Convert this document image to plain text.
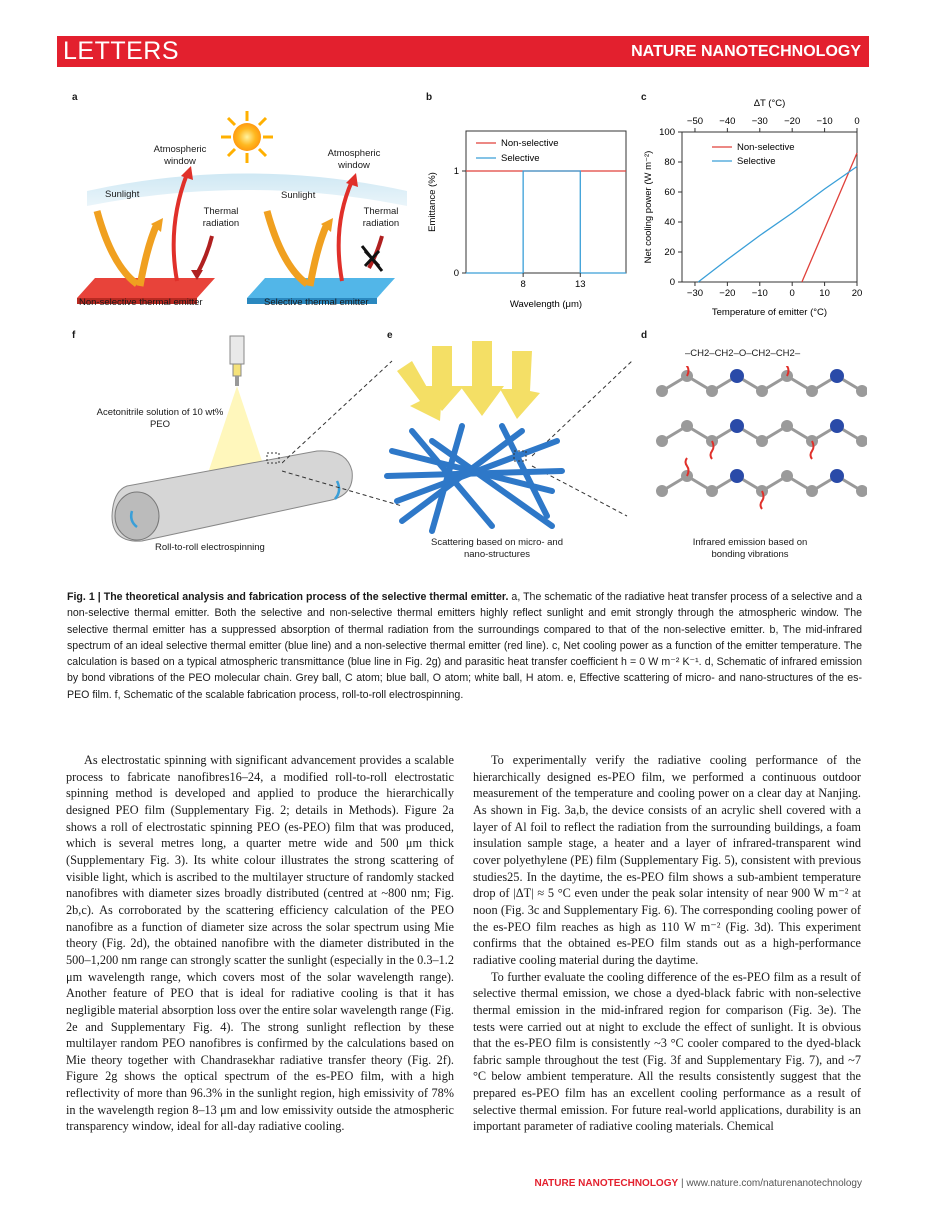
LETTERS	NATURE NANOTECHNOLOGY
a	b	c
f	e	d
Atmospheric window
Atmospheric window
Sunlight	Sunlight
Thermal radiation
Thermal radiation
Non-selective thermal emitter	Selective thermal emitter
8	13
0
1
Wavelength (μm)
Emittance (%)
Non-selective
Selective
−30 −20 −10 0	10 20
−50 −40 −30 −20 −10 0
0
20
40
60
80
100
Temperature of emitter (°C)
ΔT (°C)
Net cooling power (W m⁻²)
Non-selective
Selective
Acetonitrile solution of 10 wt% PEO
Roll-to-roll electrospinning	Scattering based on micro- and nano-structures
–CH2–CH2–O–CH2–CH2–
Infrared emission based on bonding vibrations
Fig. 1 | The theoretical analysis and fabrication process of the selective thermal emitter. a, The schematic of the radiative heat transfer process of a selective and a non-selective thermal emitter. Both the selective and non-selective thermal emitters highly reflect sunlight and emit strongly through the atmospheric window. The selective thermal emitter has a suppressed absorption of thermal radiation from the surroundings compared to that of the non-selective emitter. b, The mid-infrared spectrum of an ideal selective thermal emitter (blue line) and a non-selective thermal emitter (red line). c, Net cooling power as a function of the emitter temperature. The calculation is based on a typical atmospheric transmittance (blue line in Fig. 2g) and parasitic heat transfer coefficient h = 0 W m⁻² K⁻¹. d, Schematic of infrared emission by bond vibrations of the PEO molecular chain. Grey ball, C atom; blue ball, O atom; white ball, H atom. e, Effective scattering of micro- and nano-structures of the es-PEO film. f, Schematic of the scalable fabrication process, roll-to-roll electrospinning.

As electrostatic spinning with significant advancement provides a scalable process to fabricate nanofibres16–24, a modified roll-to-roll electrostatic spinning method is developed and applied to produce the hierarchically designed PEO film (Supplementary Fig. 2; details in Methods). Figure 2a shows a roll of electrostatic spinning PEO (es-PEO) film that was produced, which is several metres long, a quarter metre wide and 500 μm thick (Supplementary Fig. 3). Its white colour illustrates the strong scattering of visible light, which is ascribed to the multilayer structure of randomly stacked nanofibres with diameter sizes broadly distributed (centred at ~800 nm; Fig. 2b,c). As corroborated by the scattering efficiency calculation of the PEO nanofibre as a function of diameter size across the solar spectrum using Mie theory (Fig. 2d), the obtained nanofibre with the diameter distributed in the 500–1,200 nm range can strongly scatter the sunlight (especially in the 0.3–1.2 μm wavelength range, which covers most of the solar wavelength range). Another feature of PEO that is ideal for radiative cooling is that it has negligible material absorption loss over the entire solar wavelength range (Fig. 2e and Supplementary Fig. 4). The strong sunlight reflection by these multilayer random PEO nanofibres is confirmed by the calculations based on Mie theory together with Chandrasekhar radiative transfer theory (Fig. 2f). Figure 2g shows the optical spectrum of the es-PEO film, with a high reflectivity of more than 96.3% in the sunlight region, high emissivity of 78% in the wavelength region 8–13 μm and low emissivity outside the atmospheric transparency window, ideal for all-day radiative cooling.

To experimentally verify the radiative cooling performance of the hierarchically designed es-PEO film, we performed a continuous outdoor measurement of the temperature and cooling power on a clear day at Nanjing. As shown in Fig. 3a,b, the device consists of an acrylic shell covered with a layer of Al foil to reflect the radiation from the surrounding buildings, a foam insulation sample stage, a heater and a layer of infrared-transparent wind cover polyethylene (PE) film (Supplementary Fig. 5), consistent with previous studies25. In the daytime, the es-PEO film shows a sub-ambient temperature drop of |ΔT| ≈ 5 °C even under the peak solar intensity of near 900 W m⁻² at noon (Fig. 3c and Supplementary Fig. 6). The corresponding cooling power of the es-PEO film reaches as high as 110 W m⁻² (Fig. 3d). This experiment confirms that the obtained es-PEO film stands out as a high-performance radiative cooling material during the daytime.

To further evaluate the cooling difference of the es-PEO film as a result of selective thermal emission, we chose a dyed-black fabric with non-selective thermal emission in the mid-infrared region for comparison (Fig. 3e). The tests were carried out at night to exclude the effect of sunlight. It is obvious that the es-PEO film is consistently ~3 °C cooler compared to the dyed-black fabric sample throughout the test (Fig. 3f and Supplementary Fig. 7), and ~7 °C below ambient temperature. All the results consistently suggest that the prepared es-PEO film has an excellent cooling performance as a result of selective thermal emission. For future real-world applications, durability is an important parameter of radiative cooling materials. Chemical

NATURE NANOTECHNOLOGY | www.nature.com/naturenanotechnology
